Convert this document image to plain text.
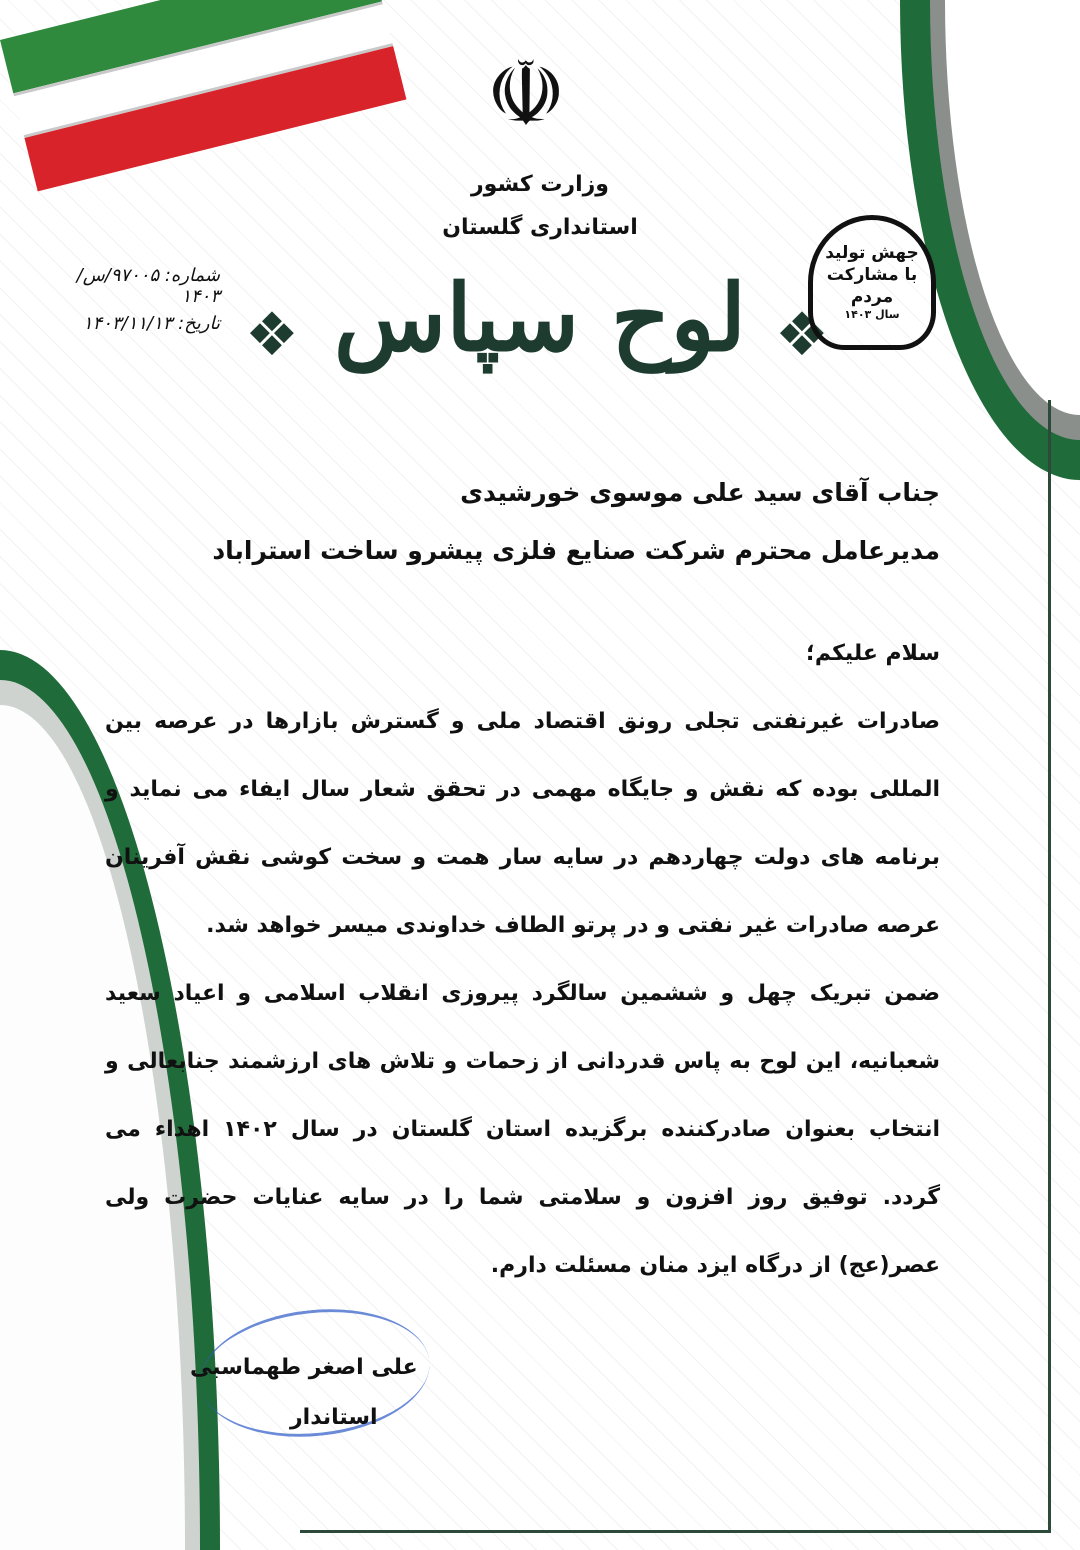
☫
وزارت کشور
استانداری گلستان
لوح سپاس
❖	❖
شماره: ۹۷۰۰۵/س/۱۴۰۳
تاریخ: ۱۴۰۳/۱۱/۱۳
جهش تولید
با مشارکت مردم
سال ۱۴۰۳
جناب آقای سید علی موسوی خورشیدی
مدیرعامل محترم شرکت صنایع فلزی پیشرو ساخت استراباد

سلام علیکم؛

صادرات غیرنفتی تجلی رونق اقتصاد ملی و گسترش بازارها در عرصه بین المللی بوده که نقش و جایگاه مهمی در تحقق شعار سال ایفاء می نماید و برنامه های دولت چهاردهم در سایه سار همت و سخت کوشی نقش آفرینان عرصه صادرات غیر نفتی و در پرتو الطاف خداوندی میسر خواهد شد.

ضمن تبریک چهل و ششمین سالگرد پیروزی انقلاب اسلامی و اعیاد سعید شعبانیه، این لوح به پاس قدردانی از زحمات و تلاش های ارزشمند جنابعالی و انتخاب بعنوان صادرکننده برگزیده استان گلستان در سال ۱۴۰۲ اهداء می گردد. توفیق روز افزون و سلامتی شما را در سایه عنایات حضرت ولی عصر(عج) از درگاه ایزد منان مسئلت دارم.

علی اصغر طهماسبی
استاندار
